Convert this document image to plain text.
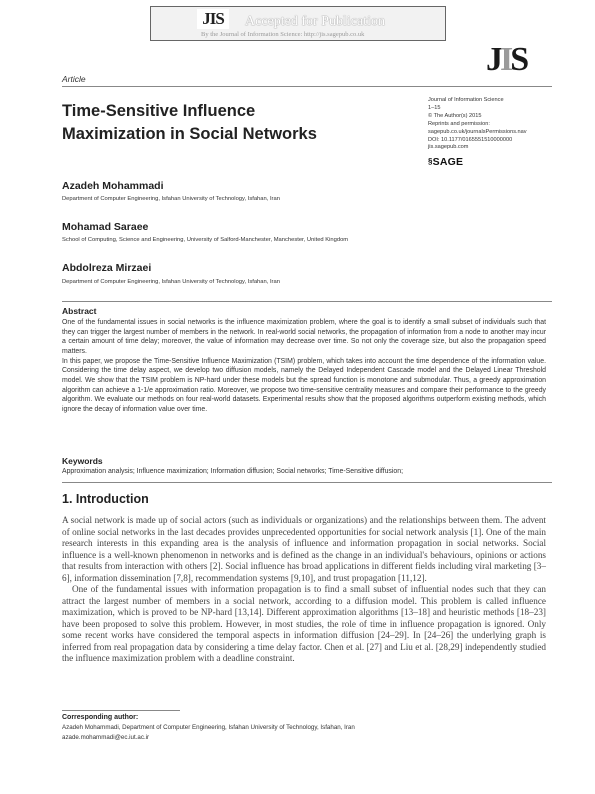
JIS	Accepted for Publication
By the Journal of Information Science: http://jis.sagepub.co.uk
JIS
Article
Time-Sensitive Influence
Maximization in Social Networks
Journal of Information Science
1–15
© The Author(s) 2015
Reprints and permission:
sagepub.co.uk/journalsPermissions.nav
DOI: 10.1177/0165551510000000
jis.sagepub.com
§SAGE
Azadeh Mohammadi
Department of Computer Engineering, Isfahan University of Technology, Isfahan, Iran
Mohamad Saraee
School of Computing, Science and Engineering, University of Salford-Manchester, Manchester, United Kingdom
Abdolreza Mirzaei
Department of Computer Engineering, Isfahan University of Technology, Isfahan, Iran
Abstract

One of the fundamental issues in social networks is the influence maximization problem, where the goal is to identify a small subset of individuals such that they can trigger the largest number of members in the network. In real-world social networks, the propagation of information from a node to another may incur a certain amount of time delay; moreover, the value of information may decrease over time. So not only the coverage size, but also the propagation speed matters.

In this paper, we propose the Time-Sensitive Influence Maximization (TSIM) problem, which takes into account the time dependence of the information value. Considering the time delay aspect, we develop two diffusion models, namely the Delayed Independent Cascade model and the Delayed Linear Threshold model. We show that the TSIM problem is NP-hard under these models but the spread function is monotone and submodular. Thus, a greedy approximation algorithm can achieve a 1-1/e approximation ratio. Moreover, we propose two time-sensitive centrality measures and compare their performance to the greedy algorithm. We evaluate our methods on four real-world datasets. Experimental results show that the proposed algorithms outperform existing methods, which ignore the decay of information value over time.

Keywords
Approximation analysis; Influence maximization; Information diffusion; Social networks; Time-Sensitive diffusion;
1. Introduction

A social network is made up of social actors (such as individuals or organizations) and the relationships between them. The advent of online social networks in the last decades provides unprecedented opportunities for social network analysis [1]. One of the main research interests in this expanding area is the analysis of influence and information propagation in social networks. Social influence is a well-known phenomenon in networks and is defined as the change in an individual's behaviours, opinions or actions that results from interaction with others [2]. Social influence has broad applications in different fields including viral marketing [3–6], information dissemination [7,8], recommendation systems [9,10], and trust propagation [11,12].

One of the fundamental issues with information propagation is to find a small subset of influential nodes such that they can attract the largest number of members in a social network, according to a diffusion model. This problem is called influence maximization, which is proved to be NP-hard [13,14]. Different approximation algorithms [13–18] and heuristic methods [18–23] have been proposed to solve this problem. However, in most studies, the role of time in influence propagation is ignored. Only some recent works have considered the temporal aspects in information diffusion [24–29]. In [24–26] the underlying graph is inferred from real propagation data by considering a time delay factor. Chen et al. [27] and Liu et al. [28,29] independently studied the influence maximization problem with a deadline constraint.

Corresponding author:
Azadeh Mohammadi, Department of Computer Engineering, Isfahan University of Technology, Isfahan, Iran
azade.mohammadi@ec.iut.ac.ir
